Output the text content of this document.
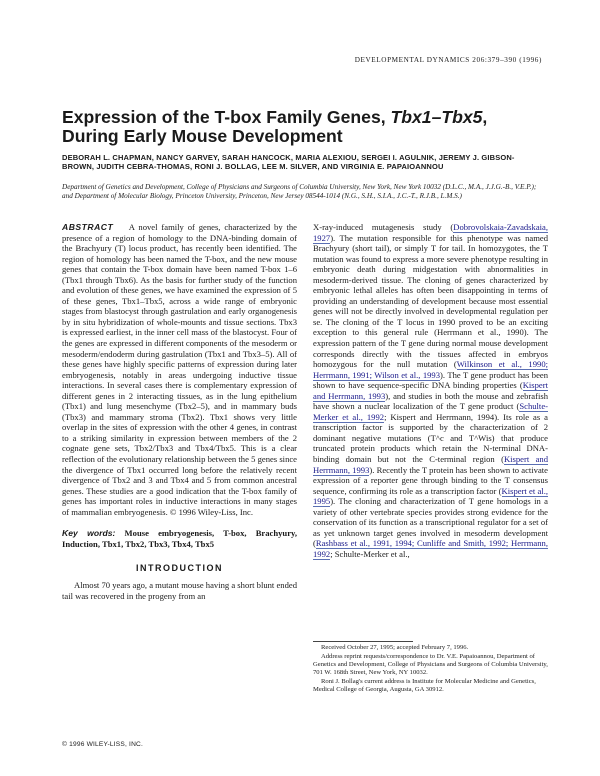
DEVELOPMENTAL DYNAMICS 206:379–390 (1996)
Expression of the T-box Family Genes, Tbx1–Tbx5, During Early Mouse Development
DEBORAH L. CHAPMAN, NANCY GARVEY, SARAH HANCOCK, MARIA ALEXIOU, SERGEI I. AGULNIK, JEREMY J. GIBSON-BROWN, JUDITH CEBRA-THOMAS, RONI J. BOLLAG, LEE M. SILVER, AND VIRGINIA E. PAPAIOANNOU
Department of Genetics and Development, College of Physicians and Surgeons of Columbia University, New York, New York 10032 (D.L.C., M.A., J.J.G.-B., V.E.P.); and Department of Molecular Biology, Princeton University, Princeton, New Jersey 08544-1014 (N.G., S.H., S.I.A., J.C.-T., R.J.B., L.M.S.)

ABSTRACT A novel family of genes, characterized by the presence of a region of homology to the DNA-binding domain of the Brachyury (T) locus product, has recently been identified. The region of homology has been named the T-box, and the new mouse genes that contain the T-box domain have been named T-box 1–6 (Tbx1 through Tbx6). As the basis for further study of the function and evolution of these genes, we have examined the expression of 5 of these genes, Tbx1–Tbx5, across a wide range of embryonic stages from blastocyst through gastrulation and early organogenesis by in situ hybridization of whole-mounts and tissue sections. Tbx3 is expressed earliest, in the inner cell mass of the blastocyst. Four of the genes are expressed in different components of the mesoderm or mesoderm/endoderm during gastrulation (Tbx1 and Tbx3–5). All of these genes have highly specific patterns of expression during later embryogenesis, notably in areas undergoing inductive tissue interactions. In several cases there is complementary expression of different genes in 2 interacting tissues, as in the lung epithelium (Tbx1) and lung mesenchyme (Tbx2–5), and in mammary buds (Tbx3) and mammary stroma (Tbx2). Tbx1 shows very little overlap in the sites of expression with the other 4 genes, in contrast to a striking similarity in expression between members of the 2 cognate gene sets, Tbx2/Tbx3 and Tbx4/Tbx5. This is a clear reflection of the evolutionary relationship between the 5 genes since the divergence of Tbx1 occurred long before the relatively recent divergence of Tbx2 and 3 and Tbx4 and 5 from common ancestral genes. These studies are a good indication that the T-box family of genes has important roles in inductive interactions in many stages of mammalian embryogenesis. © 1996 Wiley-Liss, Inc.

Key words: Mouse embryogenesis, T-box, Brachyury, Induction, Tbx1, Tbx2, Tbx3, Tbx4, Tbx5

INTRODUCTION

Almost 70 years ago, a mutant mouse having a short blunt ended tail was recovered in the progeny from an

X-ray-induced mutagenesis study (Dobrovolskaia-Zavadskaia, 1927). The mutation responsible for this phenotype was named Brachyury (short tail), or simply T for tail. In homozygotes, the T mutation was found to express a more severe phenotype resulting in embryonic death during midgestation with abnormalities in mesoderm-derived tissue. The cloning of genes characterized by embryonic lethal alleles has often been disappointing in terms of providing an understanding of development because most essential genes will not be directly involved in developmental regulation per se. The cloning of the T locus in 1990 proved to be an exciting exception to this general rule (Herrmann et al., 1990). The expression pattern of the T gene during normal mouse development corresponds directly with the tissues affected in embryos homozygous for the null mutation (Wilkinson et al., 1990; Herrmann, 1991; Wilson et al., 1993). The T gene product has been shown to have sequence-specific DNA binding properties (Kispert and Herrmann, 1993), and studies in both the mouse and zebrafish have shown a nuclear localization of the T gene product (Schulte-Merker et al., 1992; Kispert and Herrmann, 1994). Its role as a transcription factor is supported by the characterization of 2 dominant negative mutations (T^c and T^Wis) that produce truncated protein products which retain the N-terminal DNA-binding domain but not the C-terminal region (Kispert and Herrmann, 1993). Recently the T protein has been shown to activate expression of a reporter gene through binding to the T consensus sequence, confirming its role as a transcription factor (Kispert et al., 1995). The cloning and characterization of T gene homologs in a variety of other vertebrate species provides strong evidence for the conservation of its function as a transcriptional regulator for a set of as yet unknown target genes involved in mesoderm development (Rashbass et al., 1991, 1994; Cunliffe and Smith, 1992; Herrmann, 1992; Schulte-Merker et al.,

Received October 27, 1995; accepted February 7, 1996.

Address reprint requests/correspondence to Dr. V.E. Papaioannou, Department of Genetics and Development, College of Physicians and Surgeons of Columbia University, 701 W. 168th Street, New York, NY 10032.

Roni J. Bollag's current address is Institute for Molecular Medicine and Genetics, Medical College of Georgia, Augusta, GA 30912.

© 1996 WILEY-LISS, INC.
